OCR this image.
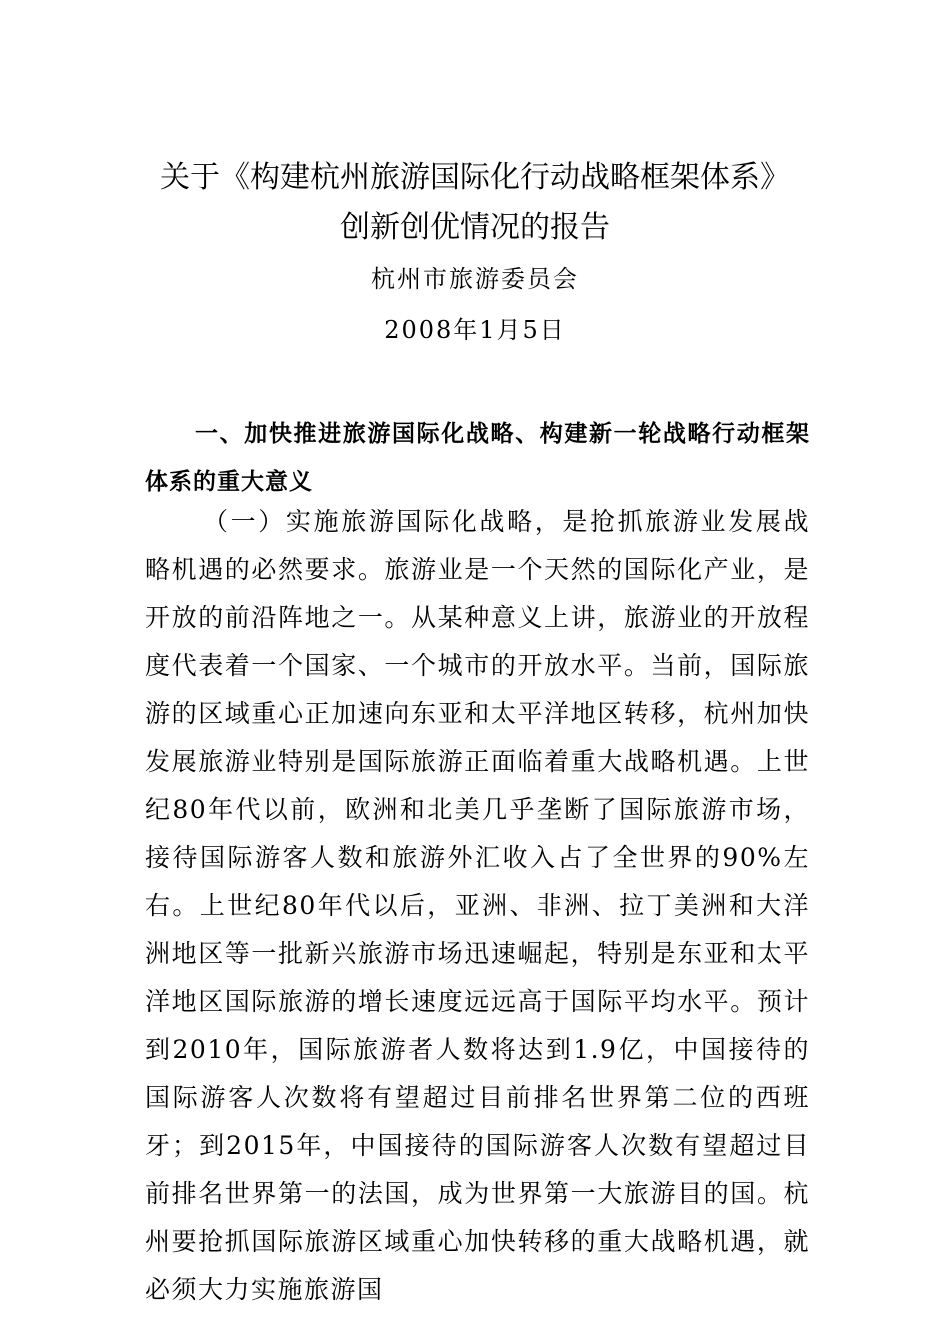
关于《构建杭州旅游国际化行动战略框架体系》
创新创优情况的报告
杭州市旅游委员会
2008年1月5日
一、加快推进旅游国际化战略、构建新一轮战略行动框架体系的重大意义
（一）实施旅游国际化战略，是抢抓旅游业发展战略机遇的必然要求。旅游业是一个天然的国际化产业，是开放的前沿阵地之一。从某种意义上讲，旅游业的开放程度代表着一个国家、一个城市的开放水平。当前，国际旅游的区域重心正加速向东亚和太平洋地区转移，杭州加快发展旅游业特别是国际旅游正面临着重大战略机遇。上世纪80年代以前，欧洲和北美几乎垄断了国际旅游市场，接待国际游客人数和旅游外汇收入占了全世界的90%左右。上世纪80年代以后，亚洲、非洲、拉丁美洲和大洋洲地区等一批新兴旅游市场迅速崛起，特别是东亚和太平洋地区国际旅游的增长速度远远高于国际平均水平。预计到2010年，国际旅游者人数将达到1.9亿，中国接待的国际游客人次数将有望超过目前排名世界第二位的西班牙；到2015年，中国接待的国际游客人次数有望超过目前排名世界第一的法国，成为世界第一大旅游目的国。杭州要抢抓国际旅游区域重心加快转移的重大战略机遇，就必须大力实施旅游国
